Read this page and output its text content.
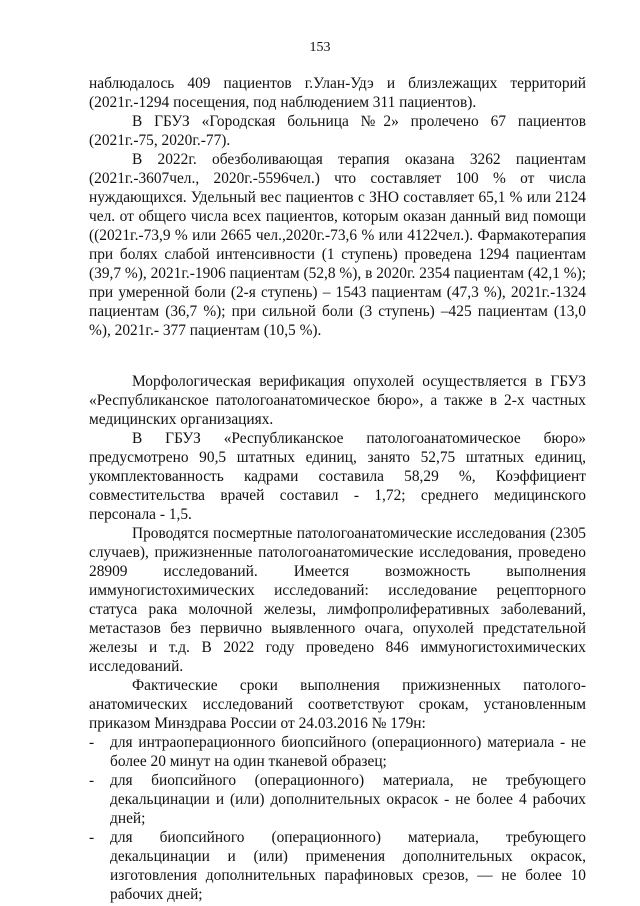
153

наблюдалось 409 пациентов г.Улан-Удэ и близлежащих территорий (2021г.-1294 посещения, под наблюдением 311 пациентов).

В ГБУЗ «Городская больница №2» пролечено 67 пациентов (2021г.-75, 2020г.-77).

В 2022г. обезболивающая терапия оказана 3262 пациентам (2021г.-3607чел., 2020г.-5596чел.) что составляет 100 % от числа нуждающихся. Удельный вес пациентов с ЗНО составляет 65,1 % или 2124 чел. от общего числа всех пациентов, которым оказан данный вид помощи ((2021г.-73,9 % или 2665 чел.,2020г.-73,6 % или 4122чел.). Фармакотерапия при болях слабой интенсивности (1 ступень) проведена 1294 пациентам (39,7 %), 2021г.-1906 пациентам (52,8 %), в 2020г. 2354 пациентам (42,1 %); при умеренной боли (2-я ступень) – 1543 пациентам (47,3 %), 2021г.-1324 пациентам (36,7 %); при сильной боли (3 ступень) –425 пациентам (13,0 %), 2021г.- 377 пациентам (10,5 %).

Морфологическая верификация опухолей осуществляется в ГБУЗ «Республиканское патологоанатомическое бюро», а также в 2-х частных медицинских организациях.

В ГБУЗ «Республиканское патологоанатомическое бюро» предусмотрено 90,5 штатных единиц, занято 52,75 штатных единиц, укомплектованность кадрами составила 58,29 %, Коэффициент совместительства врачей составил - 1,72; среднего медицинского персонала - 1,5.

Проводятся посмертные патологоанатомические исследования (2305 случаев), прижизненные патологоанатомические исследования, проведено 28909 исследований. Имеется возможность выполнения иммуногистохимических исследований: исследование рецепторного статуса рака молочной железы, лимфопролиферативных заболеваний, метастазов без первично выявленного очага, опухолей предстательной железы и т.д. В 2022 году проведено 846 иммуногистохимических исследований.

Фактические сроки выполнения прижизненных патолого-анатомических исследований соответствуют срокам, установленным приказом Минздрава России от 24.03.2016 № 179н:

-	для интраоперационного биопсийного (операционного) материала - не более 20 минут на один тканевой образец;
-	для биопсийного (операционного) материала, не требующего декальцинации и (или) дополнительных окрасок - не более 4 рабочих дней;
-	для биопсийного (операционного) материала, требующего декальцинации и (или) применения дополнительных окрасок, изготовления дополнительных парафиновых срезов, — не более 10 рабочих дней;
